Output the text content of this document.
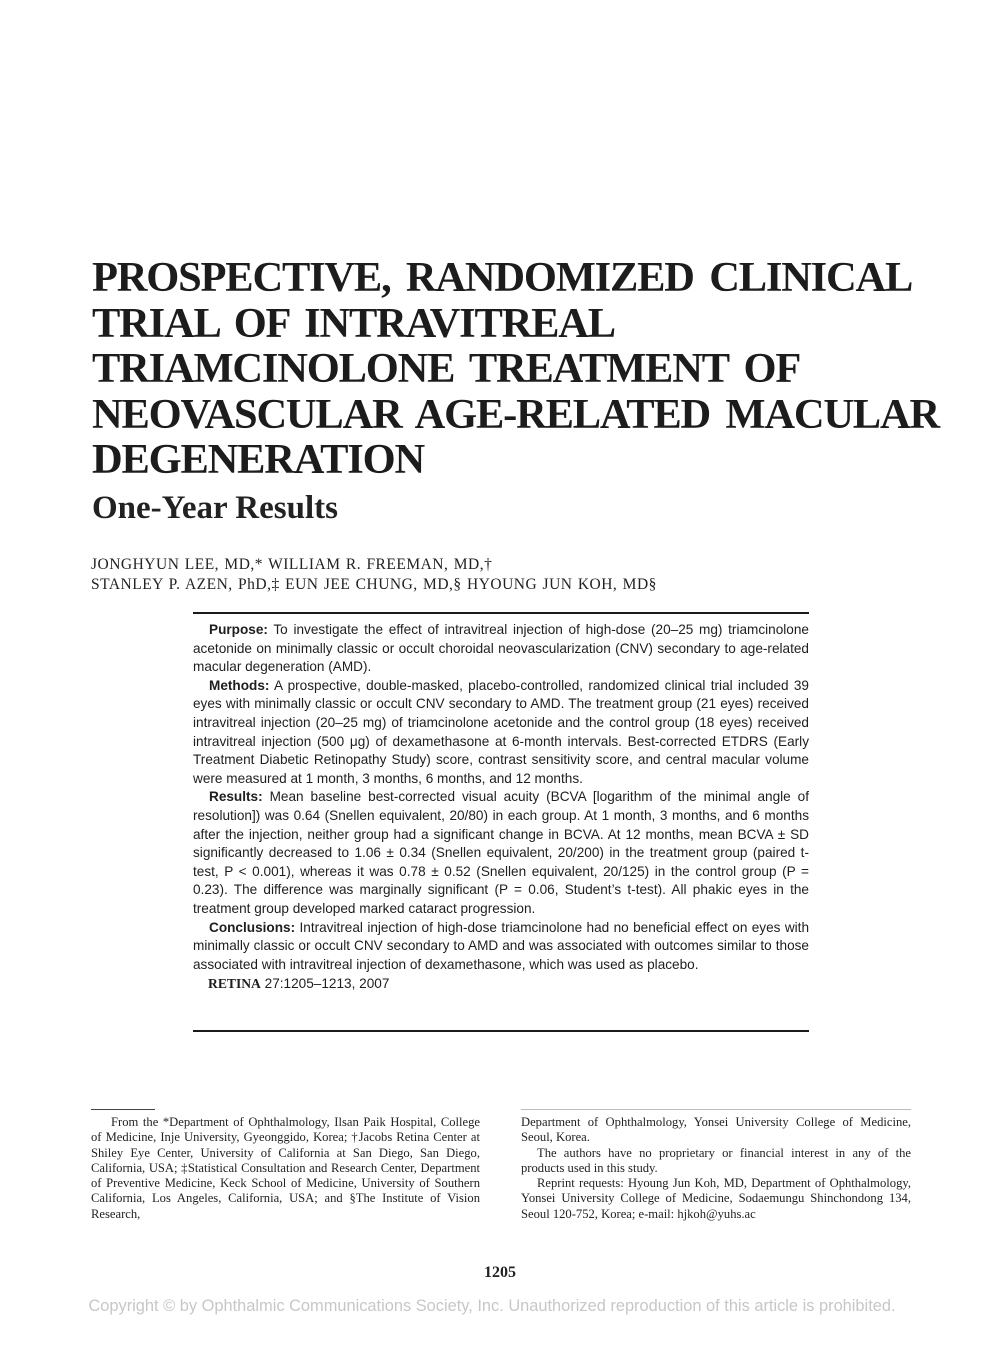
PROSPECTIVE, RANDOMIZED CLINICAL
TRIAL OF INTRAVITREAL
TRIAMCINOLONE TREATMENT OF
NEOVASCULAR AGE-RELATED MACULAR
DEGENERATION
One-Year Results
JONGHYUN LEE, MD,* WILLIAM R. FREEMAN, MD,†
STANLEY P. AZEN, PhD,‡ EUN JEE CHUNG, MD,§ HYOUNG JUN KOH, MD§

Purpose: To investigate the effect of intravitreal injection of high-dose (20–25 mg) triamcinolone acetonide on minimally classic or occult choroidal neovascularization (CNV) secondary to age-related macular degeneration (AMD).

Methods: A prospective, double-masked, placebo-controlled, randomized clinical trial included 39 eyes with minimally classic or occult CNV secondary to AMD. The treatment group (21 eyes) received intravitreal injection (20–25 mg) of triamcinolone acetonide and the control group (18 eyes) received intravitreal injection (500 μg) of dexamethasone at 6-month intervals. Best-corrected ETDRS (Early Treatment Diabetic Retinopathy Study) score, contrast sensitivity score, and central macular volume were measured at 1 month, 3 months, 6 months, and 12 months.

Results: Mean baseline best-corrected visual acuity (BCVA [logarithm of the minimal angle of resolution]) was 0.64 (Snellen equivalent, 20/80) in each group. At 1 month, 3 months, and 6 months after the injection, neither group had a significant change in BCVA. At 12 months, mean BCVA ± SD significantly decreased to 1.06 ± 0.34 (Snellen equivalent, 20/200) in the treatment group (paired t-test, P < 0.001), whereas it was 0.78 ± 0.52 (Snellen equivalent, 20/125) in the control group (P = 0.23). The difference was marginally significant (P = 0.06, Student’s t-test). All phakic eyes in the treatment group developed marked cataract progression.

Conclusions: Intravitreal injection of high-dose triamcinolone had no beneficial effect on eyes with minimally classic or occult CNV secondary to AMD and was associated with outcomes similar to those associated with intravitreal injection of dexamethasone, which was used as placebo.

RETINA 27:1205–1213, 2007

From the *Department of Ophthalmology, Ilsan Paik Hospital, College of Medicine, Inje University, Gyeonggido, Korea; †Jacobs Retina Center at Shiley Eye Center, University of California at San Diego, San Diego, California, USA; ‡Statistical Consultation and Research Center, Department of Preventive Medicine, Keck School of Medicine, University of Southern California, Los Angeles, California, USA; and §The Institute of Vision Research,

Department of Ophthalmology, Yonsei University College of Medicine, Seoul, Korea.

The authors have no proprietary or financial interest in any of the products used in this study.

Reprint requests: Hyoung Jun Koh, MD, Department of Ophthalmology, Yonsei University College of Medicine, Sodaemungu Shinchondong 134, Seoul 120-752, Korea; e-mail: hjkoh@yuhs.ac

1205
Copyright © by Ophthalmic Communications Society, Inc. Unauthorized reproduction of this article is prohibited.
